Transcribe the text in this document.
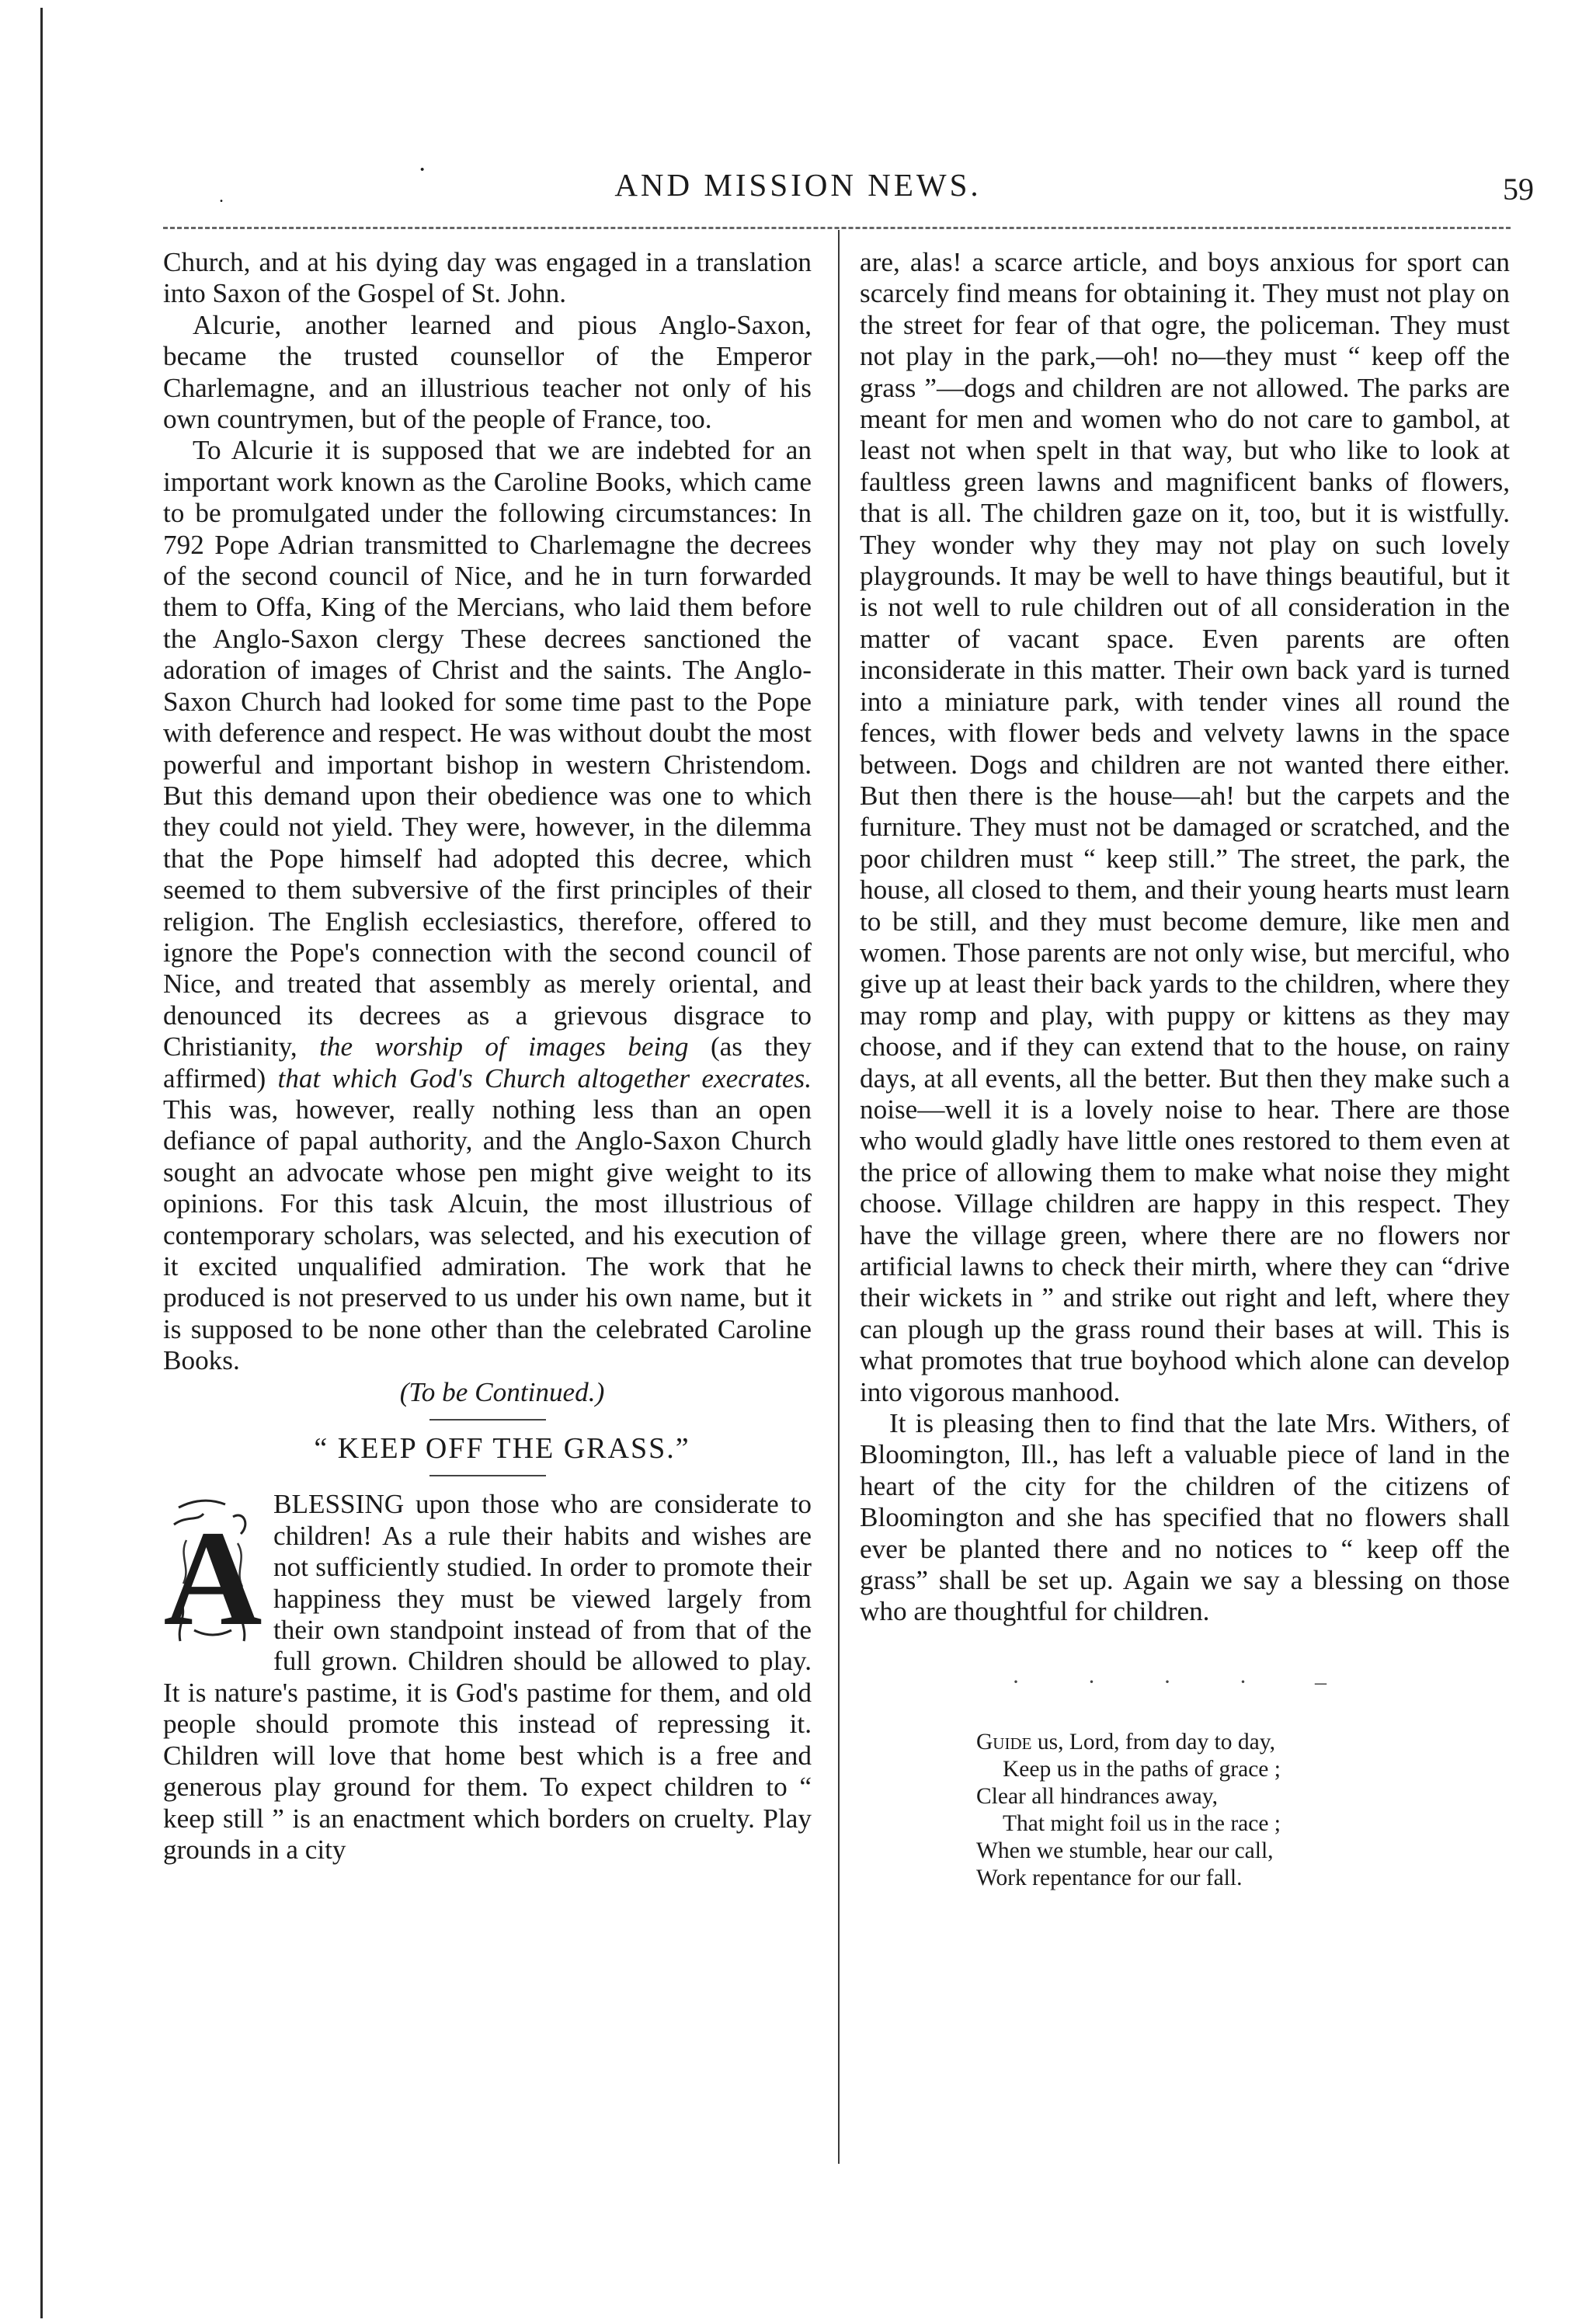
·
.	AND MISSION NEWS.	59

Church, and at his dying day was engaged in a translation into Saxon of the Gospel of St. John.

Alcurie, another learned and pious Anglo-Saxon, became the trusted counsellor of the Emperor Charlemagne, and an illustrious teacher not only of his own countrymen, but of the people of France, too.

To Alcurie it is supposed that we are indebted for an important work known as the Caroline Books, which came to be promulgated under the following circumstances: In 792 Pope Adrian transmitted to Charlemagne the decrees of the second council of Nice, and he in turn forwarded them to Offa, King of the Mercians, who laid them before the Anglo-Saxon clergy These decrees sanctioned the adoration of images of Christ and the saints. The Anglo-Saxon Church had looked for some time past to the Pope with deference and respect. He was without doubt the most powerful and important bishop in western Christendom. But this demand upon their obedience was one to which they could not yield. They were, however, in the dilemma that the Pope himself had adopted this decree, which seemed to them subversive of the first principles of their religion. The English ecclesiastics, therefore, offered to ignore the Pope's connection with the second council of Nice, and treated that assembly as merely oriental, and denounced its decrees as a grievous disgrace to Christianity, the worship of images being (as they affirmed) that which God's Church altogether execrates. This was, however, really nothing less than an open defiance of papal authority, and the Anglo-Saxon Church sought an advocate whose pen might give weight to its opinions. For this task Alcuin, the most illustrious of contemporary scholars, was selected, and his execution of it excited unqualified admiration. The work that he produced is not preserved to us under his own name, but it is supposed to be none other than the celebrated Caroline Books.

(To be Continued.)

“ KEEP OFF THE GRASS.”

A BLESSING upon those who are considerate to children! As a rule their habits and wishes are not sufficiently studied. In order to promote their happiness they must be viewed largely from their own standpoint instead of from that of the full grown. Children should be allowed to play. It is nature's pastime, it is God's pastime for them, and old people should promote this instead of repressing it. Children will love that home best which is a free and generous play ground for them. To expect children to “ keep still ” is an enactment which borders on cruelty. Play grounds in a city

are, alas! a scarce article, and boys anxious for sport can scarcely find means for obtaining it. They must not play on the street for fear of that ogre, the policeman. They must not play in the park,—oh! no—they must “ keep off the grass ”—dogs and children are not allowed. The parks are meant for men and women who do not care to gambol, at least not when spelt in that way, but who like to look at faultless green lawns and magnificent banks of flowers, that is all. The children gaze on it, too, but it is wistfully. They wonder why they may not play on such lovely playgrounds. It may be well to have things beautiful, but it is not well to rule children out of all consideration in the matter of vacant space. Even parents are often inconsiderate in this matter. Their own back yard is turned into a miniature park, with tender vines all round the fences, with flower beds and velvety lawns in the space between. Dogs and children are not wanted there either. But then there is the house—ah! but the carpets and the furniture. They must not be damaged or scratched, and the poor children must “ keep still.” The street, the park, the house, all closed to them, and their young hearts must learn to be still, and they must become demure, like men and women. Those parents are not only wise, but merciful, who give up at least their back yards to the children, where they may romp and play, with puppy or kittens as they may choose, and if they can extend that to the house, on rainy days, at all events, all the better. But then they make such a noise—well it is a lovely noise to hear. There are those who would gladly have little ones restored to them even at the price of allowing them to make what noise they might choose. Village children are happy in this respect. They have the village green, where there are no flowers nor artificial lawns to check their mirth, where they can “drive their wickets in ” and strike out right and left, where they can plough up the grass round their bases at will. This is what promotes that true boyhood which alone can develop into vigorous manhood.

It is pleasing then to find that the late Mrs. Withers, of Bloomington, Ill., has left a valuable piece of land in the heart of the city for the children of the citizens of Bloomington and she has specified that no flowers shall ever be planted there and no notices to “ keep off the grass” shall be set up. Again we say a blessing on those who are thoughtful for children.

· · · · –
Guide us, Lord, from day to day,
Keep us in the paths of grace ;
Clear all hindrances away,
That might foil us in the race ;
When we stumble, hear our call,
Work repentance for our fall.
